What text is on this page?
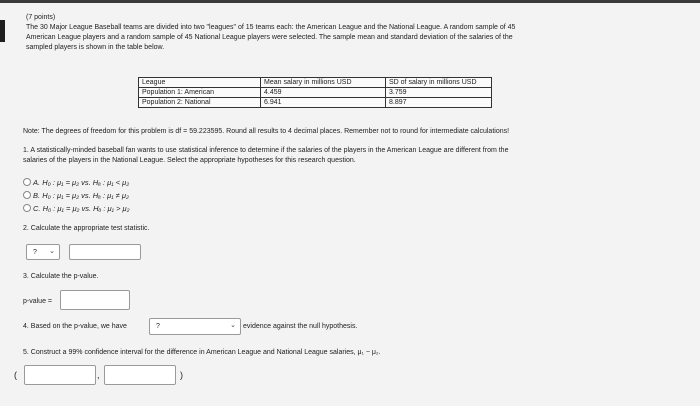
(7 points)
The 30 Major League Baseball teams are divided into two "leagues" of 15 teams each: the American League and the National League. A random sample of 45
American League players and a random sample of 45 National League players were selected. The sample mean and standard deviation of the salaries of the
sampled players is shown in the table below.
League	Mean salary in millions USD	SD of salary in millions USD
Population 1: American	4.459	3.759
Population 2: National	6.941	8.897
Note: The degrees of freedom for this problem is df = 59.223595. Round all results to 4 decimal places. Remember not to round for intermediate calculations!
1. A statistically-minded baseball fan wants to use statistical inference to determine if the salaries of the players in the American League are different from the
salaries of the players in the National League. Select the appropriate hypotheses for this research question.
A. H₀ : μ₁ = μ₂ vs. Hₐ : μ₁ < μ₂
B. H₀ : μ₁ = μ₂ vs. Hₐ : μ₁ ≠ μ₂
C. H₀ : μ₁ = μ₂ vs. Hₐ : μ₁ > μ₂
2. Calculate the appropriate test statistic.
? ⌄
3. Calculate the p-value.
p-value =
4. Based on the p-value, we have	?	⌄ evidence against the null hypothesis.
5. Construct a 99% confidence interval for the difference in American League and National League salaries, μ₁ − μ₂.
(	,	)
